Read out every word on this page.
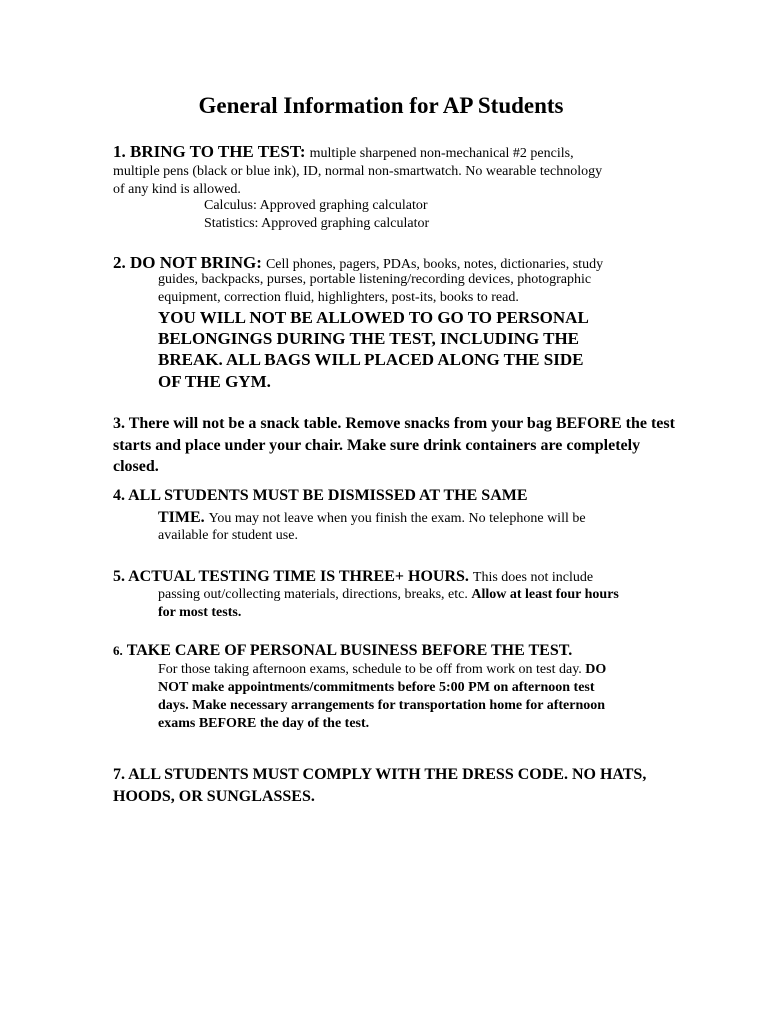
General Information for AP Students
1. BRING TO THE TEST: multiple sharpened non-mechanical #2 pencils,
multiple pens (black or blue ink), ID, normal non-smartwatch. No wearable technology
of any kind is allowed.
Calculus: Approved graphing calculator
Statistics: Approved graphing calculator
2. DO NOT BRING: Cell phones, pagers, PDAs, books, notes, dictionaries, study
guides, backpacks, purses, portable listening/recording devices, photographic
equipment, correction fluid, highlighters, post-its, books to read.
YOU WILL NOT BE ALLOWED TO GO TO PERSONAL
BELONGINGS DURING THE TEST, INCLUDING THE
BREAK. ALL BAGS WILL PLACED ALONG THE SIDE
OF THE GYM.
3. There will not be a snack table. Remove snacks from your bag BEFORE the test
starts and place under your chair. Make sure drink containers are completely
closed.
4. ALL STUDENTS MUST BE DISMISSED AT THE SAME
TIME. You may not leave when you finish the exam. No telephone will be
available for student use.
5. ACTUAL TESTING TIME IS THREE+ HOURS. This does not include
passing out/collecting materials, directions, breaks, etc. Allow at least four hours
for most tests.
6. TAKE CARE OF PERSONAL BUSINESS BEFORE THE TEST.
For those taking afternoon exams, schedule to be off from work on test day. DO
NOT make appointments/commitments before 5:00 PM on afternoon test
days. Make necessary arrangements for transportation home for afternoon
exams BEFORE the day of the test.
7. ALL STUDENTS MUST COMPLY WITH THE DRESS CODE. NO HATS,
HOODS, OR SUNGLASSES.
